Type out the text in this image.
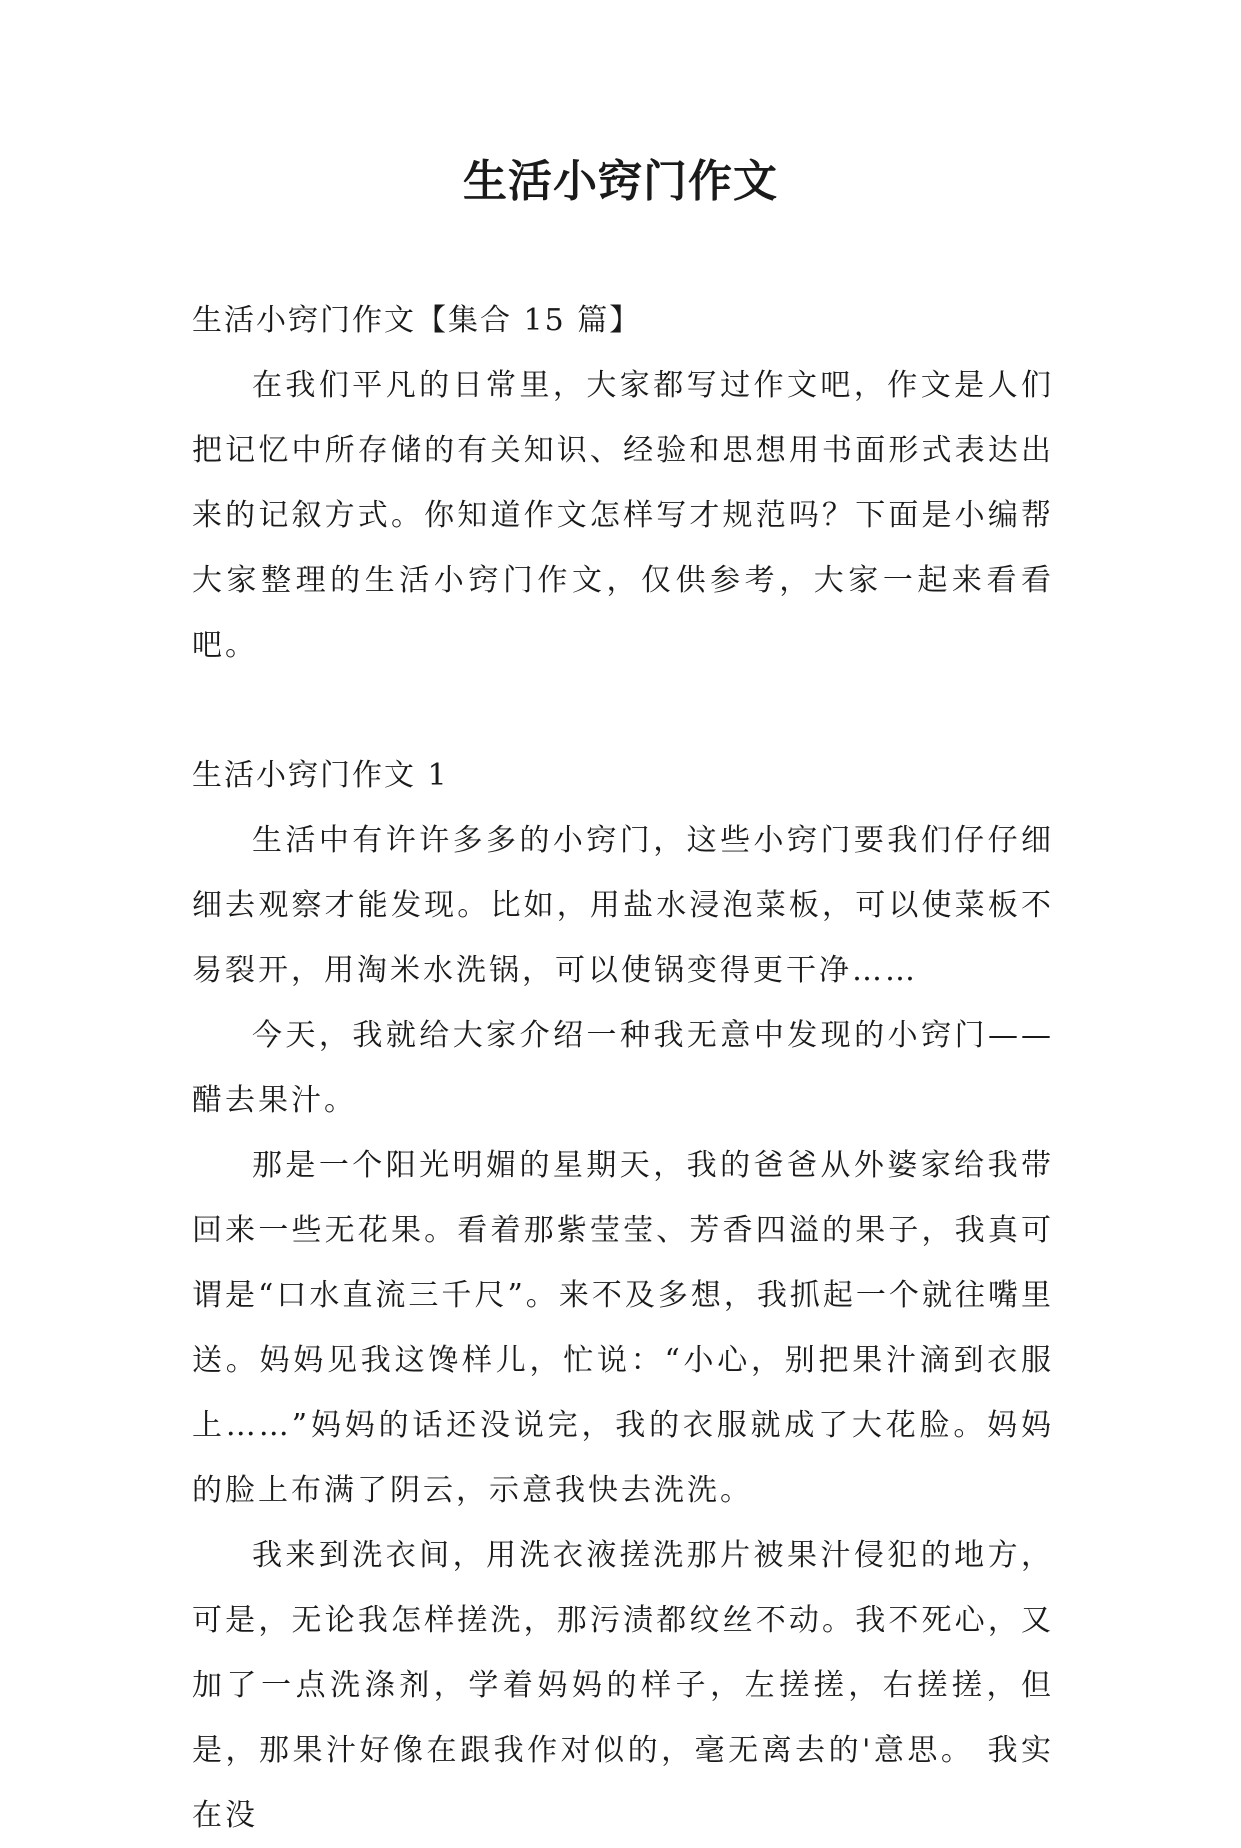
生活小窍门作文

生活小窍门作文【集合 15 篇】

在我们平凡的日常里，大家都写过作文吧，作文是人们把记忆中所存储的有关知识、经验和思想用书面形式表达出来的记叙方式。你知道作文怎样写才规范吗？下面是小编帮大家整理的生活小窍门作文，仅供参考，大家一起来看看吧。

生活小窍门作文 1

生活中有许许多多的小窍门，这些小窍门要我们仔仔细细去观察才能发现。比如，用盐水浸泡菜板，可以使菜板不易裂开，用淘米水洗锅，可以使锅变得更干净……

今天，我就给大家介绍一种我无意中发现的小窍门——醋去果汁。

那是一个阳光明媚的星期天，我的爸爸从外婆家给我带回来一些无花果。看着那紫莹莹、芳香四溢的果子，我真可谓是“口水直流三千尺”。来不及多想，我抓起一个就往嘴里送。妈妈见我这馋样儿，忙说：“小心，别把果汁滴到衣服上……”妈妈的话还没说完，我的衣服就成了大花脸。妈妈的脸上布满了阴云，示意我快去洗洗。

我来到洗衣间，用洗衣液搓洗那片被果汁侵犯的地方，可是，无论我怎样搓洗，那污渍都纹丝不动。我不死心，又加了一点洗涤剂，学着妈妈的样子，左搓搓，右搓搓，但是，那果汁好像在跟我作对似的，毫无离去的'意思。 我实在没
